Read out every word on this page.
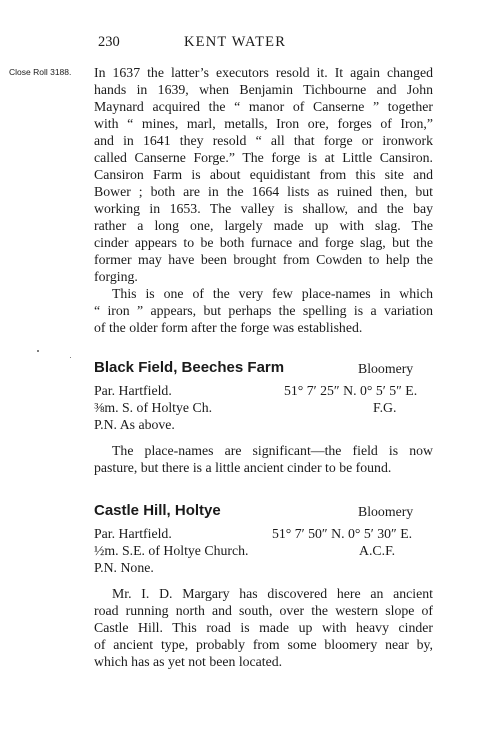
230	KENT WATER
Close Roll 3188. In 1637 the latter’s executors resold it. It again changed
hands in 1639, when Benjamin Tichbourne and John
Maynard acquired the “ manor of Canserne ” together
with “ mines, marl, metalls, Iron ore, forges of Iron,”
and in 1641 they resold “ all that forge or ironwork
called Canserne Forge.” The forge is at Little Cansiron.
Cansiron Farm is about equidistant from this site and
Bower ; both are in the 1664 lists as ruined then, but
working in 1653. The valley is shallow, and the bay
rather a long one, largely made up with slag. The
cinder appears to be both furnace and forge slag, but the
former may have been brought from Cowden to help the
forging.
This is one of the very few place-names in which
“ iron ” appears, but perhaps the spelling is a variation
of the older form after the forge was established.
Black Field, Beeches Farm	Bloomery
Par. Hartfield.	51° 7′ 25″ N. 0° 5′ 5″ E.
⅜m. S. of Holtye Ch.	F.G.
P.N. As above.
The place-names are significant—the field is now
pasture, but there is a little ancient cinder to be found.
Castle Hill, Holtye	Bloomery
Par. Hartfield.	51° 7′ 50″ N. 0° 5′ 30″ E.
½m. S.E. of Holtye Church.	A.C.F.
P.N. None.
Mr. I. D. Margary has discovered here an ancient
road running north and south, over the western slope of
Castle Hill. This road is made up with heavy cinder
of ancient type, probably from some bloomery near by,
which has as yet not been located.
